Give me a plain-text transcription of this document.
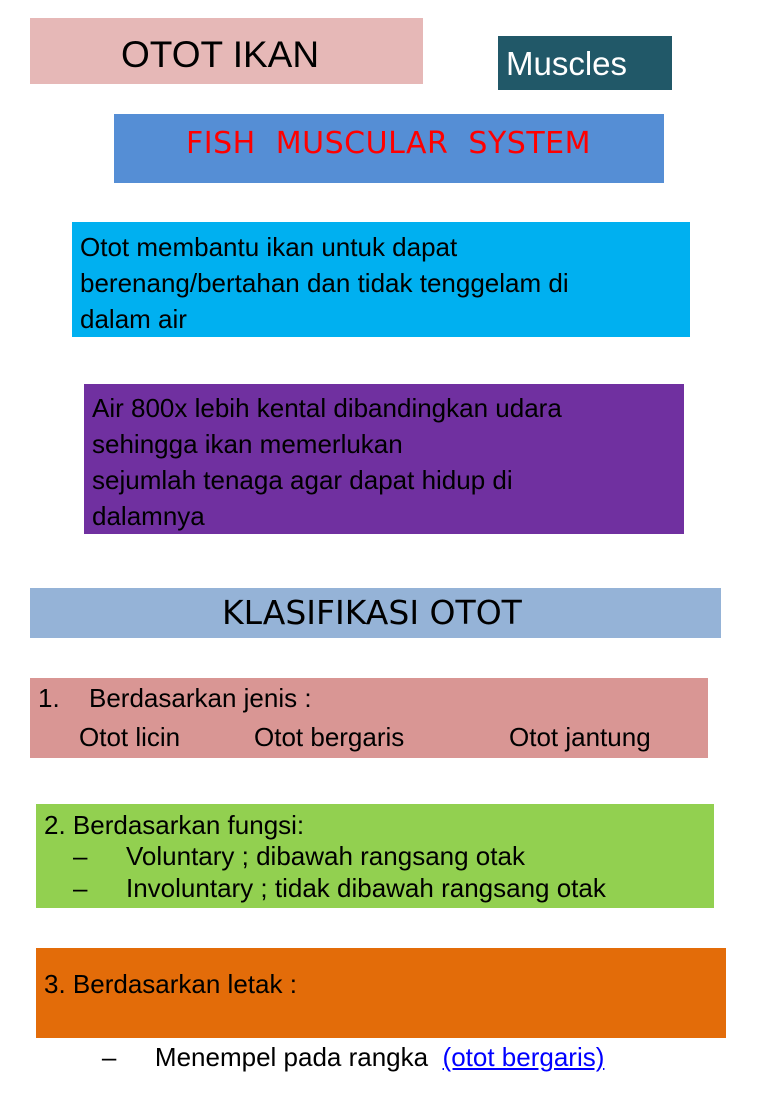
OTOT IKAN	Muscles
FISH  MUSCULAR  SYSTEM

Otot membantu ikan untuk dapat

berenang/bertahan dan tidak tenggelam di

dalam air

Air 800x lebih kental dibandingkan udara

sehingga ikan memerlukan

sejumlah tenaga agar dapat hidup di

dalamnya

KLASIFIKASI OTOT
1. Berdasarkan jenis :
Otot licin	Otot bergaris	Otot jantung
2. Berdasarkan fungsi:
– Voluntary ; dibawah rangsang otak
– Involuntary ; tidak dibawah rangsang otak
3. Berdasarkan letak :

– Menempel pada rangka (otot bergaris)
